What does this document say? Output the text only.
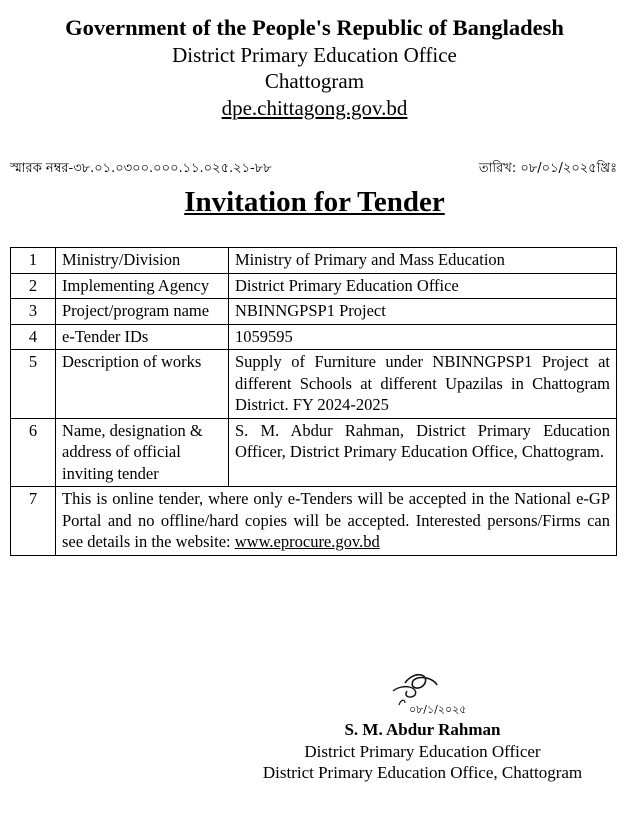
Government of the People's Republic of Bangladesh
District Primary Education Office
Chattogram
dpe.chittagong.gov.bd
স্মারক নম্বর-৩৮.০১.০৩০০.০০০.১১.০২৫.২১-৮৮	তারিখ: ০৮/০১/২০২৫খ্রিঃ
Invitation for Tender
1	Ministry/Division	Ministry of Primary and Mass Education
2	Implementing Agency	District Primary Education Office
3	Project/program name	NBINNGPSP1 Project
4	e-Tender IDs	1059595
5	Description of works	Supply of Furniture under NBINNGPSP1 Project at different Schools at different Upazilas in Chattogram District. FY 2024-2025
6	Name, designation & address of official inviting tender	S. M. Abdur Rahman, District Primary Education Officer, District Primary Education Office, Chattogram.
7	This is online tender, where only e-Tenders will be accepted in the National e-GP Portal and no offline/hard copies will be accepted. Interested persons/Firms can see details in the website: www.eprocure.gov.bd	
০৮/১/২০২৫
S. M. Abdur Rahman
District Primary Education Officer
District Primary Education Office, Chattogram
